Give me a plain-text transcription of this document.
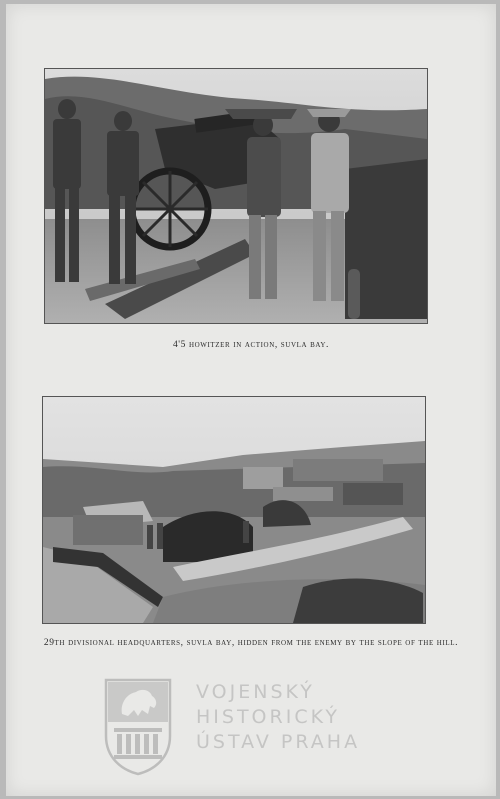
4'5 howitzer in action, suvla bay.
29th divisional headquarters, suvla bay, hidden from the enemy by the slope of the hill.
VOJENSKÝ
HISTORICKÝ
ÚSTAV PRAHA
